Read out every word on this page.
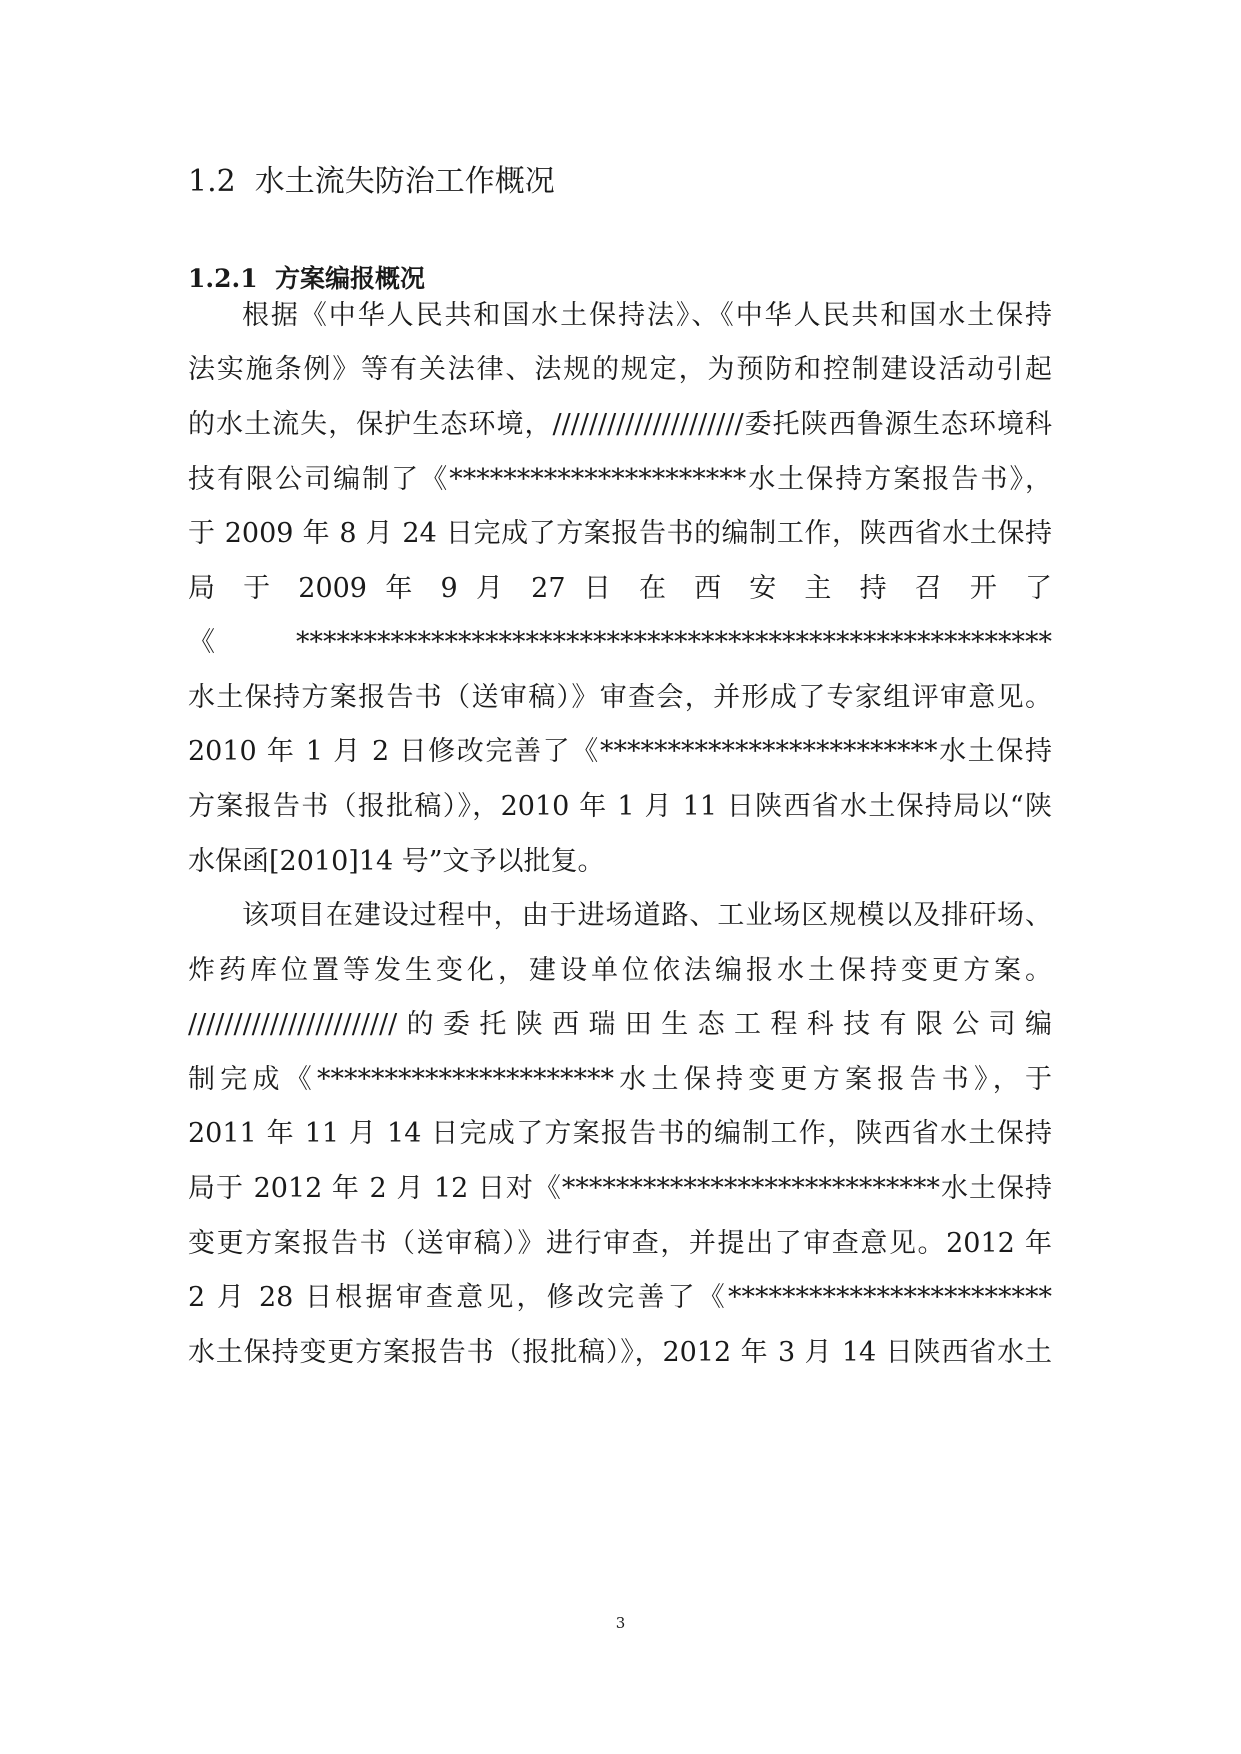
1.2 水土流失防治工作概况
1.2.1 方案编报概况
根据《中华人民共和国水土保持法》、《中华人民共和国水土保持
法实施条例》等有关法律、法规的规定，为预防和控制建设活动引起
的水土流失，保护生态环境，/////////////////////委托陕西鲁源生态环境科
技有限公司编制了《**********************水土保持方案报告书》，
于 2009 年 8 月 24 日完成了方案报告书的编制工作，陕西省水土保持
局 于 2009 年 9 月 27 日 在 西 安 主 持 召 开 了
《********************************************************
水土保持方案报告书（送审稿）》审查会，并形成了专家组评审意见。
2010 年 1 月 2 日修改完善了《*************************水土保持
方案报告书（报批稿）》，2010 年 1 月 11 日陕西省水土保持局以“陕
水保函[2010]14 号”文予以批复。
该项目在建设过程中，由于进场道路、工业场区规模以及排矸场、
炸药库位置等发生变化，建设单位依法编报水土保持变更方案。
///////////////////////的委托陕西瑞田生态工程科技有限公司编
制完成《**********************水土保持变更方案报告书》，于
2011 年 11 月 14 日完成了方案报告书的编制工作，陕西省水土保持
局于 2012 年 2 月 12 日对《****************************水土保持
变更方案报告书（送审稿）》进行审查，并提出了审查意见。2012 年
2 月 28 日根据审查意见，修改完善了《************************
水土保持变更方案报告书（报批稿）》，2012 年 3 月 14 日陕西省水土
3
